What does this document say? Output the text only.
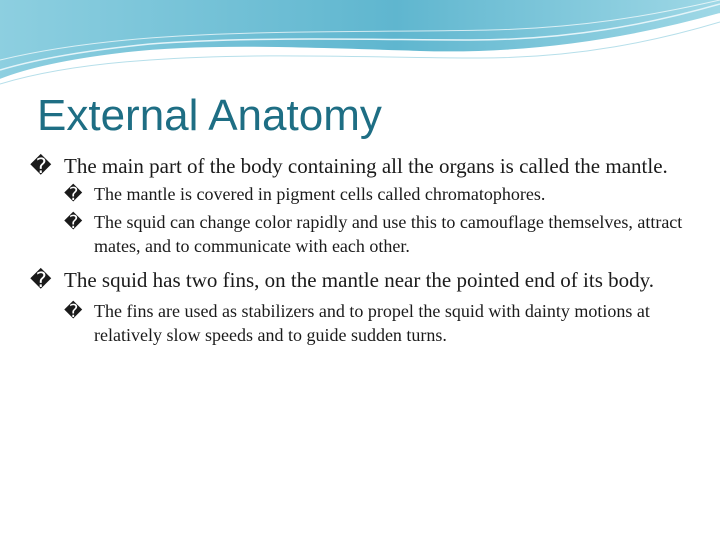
External Anatomy
� The main part of the body containing all the organs is called the mantle.
� The mantle is covered in pigment cells called chromatophores.
� The squid can change color rapidly and use this to camouflage themselves, attract mates, and to communicate with each other.
� The squid has two fins, on the mantle near the pointed end of its body.
� The fins are used as stabilizers and to propel the squid with dainty motions at relatively slow speeds and to guide sudden turns.
